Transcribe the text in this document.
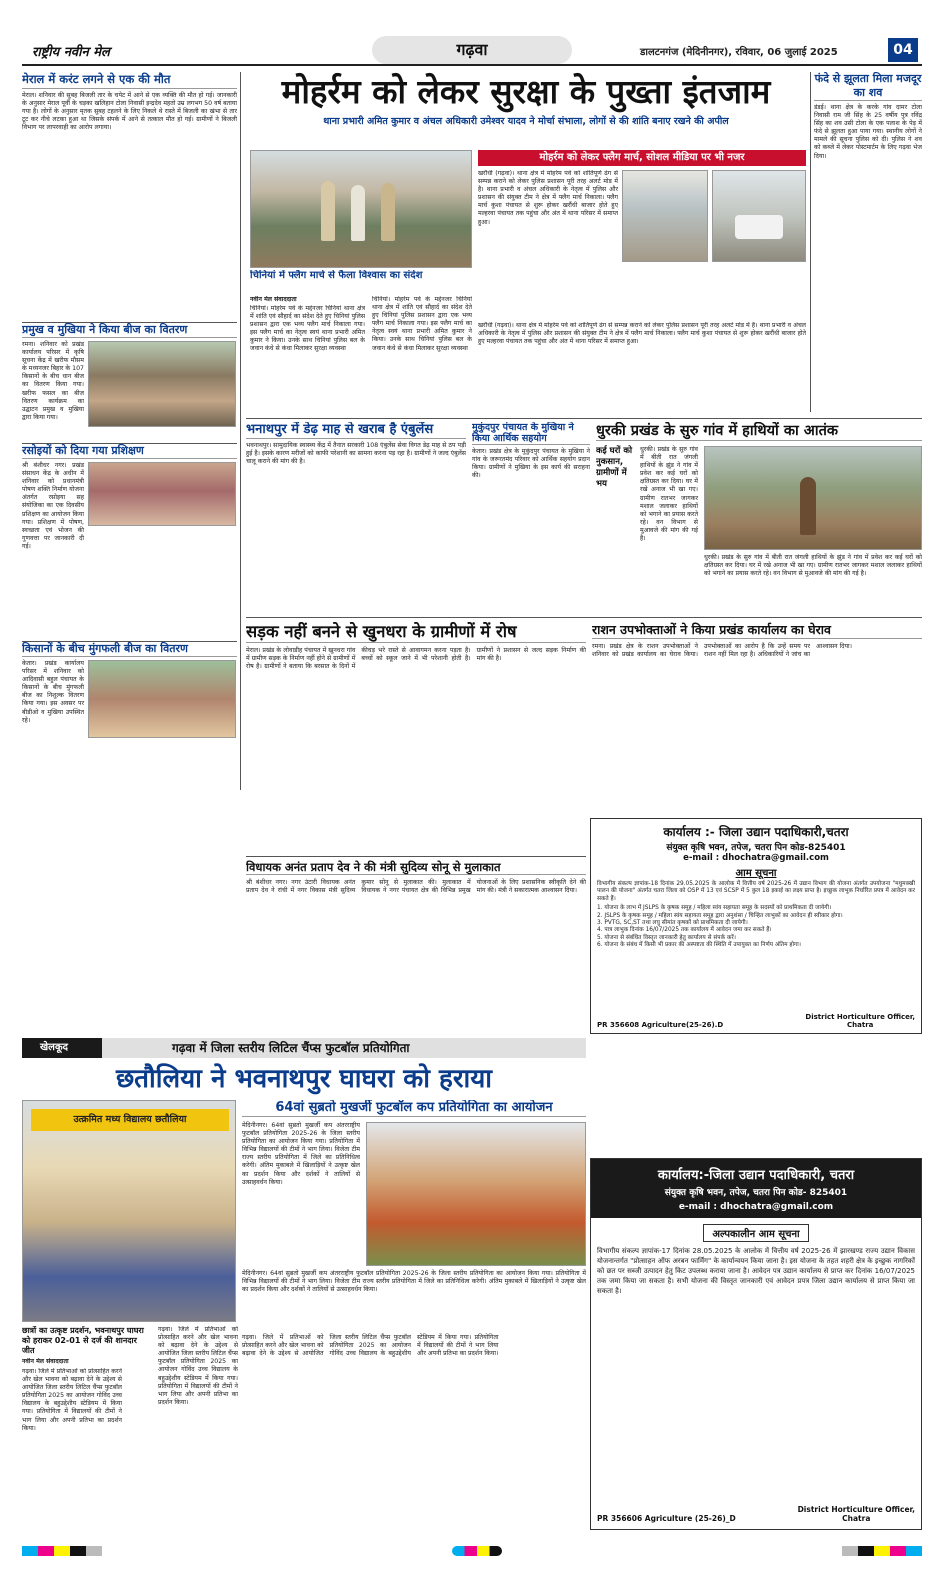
राष्ट्रीय नवीन मेल	गढ़वा	डालटनगंज (मेदिनीनगर), रविवार, 06 जुलाई 2025	04
मेराल में करंट लगने से एक की मौत
मेराल। शनिवार की सुबह बिजली तार के चपेट में आने से एक व्यक्ति की मौत हो गई। जानकारी के अनुसार मेराल पूर्वी के चड़का खलिहान टोला निवासी इन्द्रदेव महतो उम्र लगभग 50 वर्ष बताया गया है। लोगों के अनुसार मृतक सुबह टहलने के लिए निकले थे रास्ते में बिजली का खंभा से तार टूट कर नीचे लटका हुआ था जिसके संपर्क में आने से तत्काल मौत हो गई। ग्रामीणों ने बिजली विभाग पर लापरवाही का आरोप लगाया।
प्रमुख व मुखिया ने किया बीज का वितरण
रमना। शनिवार को प्रखंड कार्यालय परिसर में कृषि सूचना केंद्र में खरीफ मौसम के मध्यनजर बिहार के 107 किसानों के बीच धान बीज का वितरण किया गया। खरीफ फसल का बीज वितरण कार्यक्रम का उद्घाटन प्रमुख व मुखिया द्वारा किया गया।
रसोइयों को दिया गया प्रशिक्षण
श्री बंशीधर नगर। प्रखंड संसाधन केंद्र के अधीन में शनिवार को प्रधानमंत्री पोषण शक्ति निर्माण योजना अंतर्गत रसोइया सह संयोजिका का एक दिवसीय प्रशिक्षण का आयोजन किया गया। प्रशिक्षण में पोषण, स्वच्छता एवं भोजन की गुणवत्ता पर जानकारी दी गई।
किसानों के बीच मुंगफली बीज का वितरण
केतार। प्रखंड कार्यालय परिसर में शनिवार को आदिवासी बहुल पंचायत के किसानों के बीच मुंगफली बीज का निशुल्क वितरण किया गया। इस अवसर पर बीडीओ व मुखिया उपस्थित रहे।
मोहर्रम को लेकर सुरक्षा के पुख्ता इंतजाम
थाना प्रभारी अमित कुमार व अंचल अधिकारी उमेश्वर यादव ने मोर्चा संभाला, लोगों से की शांति बनाए रखने की अपील
चिनियां में फ्लैग मार्च से फैला विश्वास का संदेश
नवीन मेल संवाददाता
चिनियां। मोहर्रम पर्व के मद्देनजर चिनियां थाना क्षेत्र में शांति एवं सौहार्द का संदेश देते हुए चिनियां पुलिस प्रशासन द्वारा एक भव्य फ्लैग मार्च निकाला गया। इस फ्लैग मार्च का नेतृत्व स्वयं थाना प्रभारी अमित कुमार ने किया। उनके साथ चिनियां पुलिस बल के जवान कंधे से कंधा मिलाकर सुरक्षा व्यवस्था
चिनियां। मोहर्रम पर्व के मद्देनजर चिनियां थाना क्षेत्र में शांति एवं सौहार्द का संदेश देते हुए चिनियां पुलिस प्रशासन द्वारा एक भव्य फ्लैग मार्च निकाला गया। इस फ्लैग मार्च का नेतृत्व स्वयं थाना प्रभारी अमित कुमार ने किया। उनके साथ चिनियां पुलिस बल के जवान कंधे से कंधा मिलाकर सुरक्षा व्यवस्था
मोहर्रम को लेकर फ्लैग मार्च, सोशल मीडिया पर भी नजर
खरौंधी (गढ़वा)। थाना क्षेत्र में मोहर्रम पर्व को शांतिपूर्ण ढंग से सम्पन्न कराने को लेकर पुलिस प्रशासन पूरी तरह अलर्ट मोड में है। थाना प्रभारी व अंचल अधिकारी के नेतृत्व में पुलिस और प्रशासन की संयुक्त टीम ने क्षेत्र में फ्लैग मार्च निकाला। फ्लैग मार्च कुशा पंचायत से शुरू होकर खरौंधी बाजार होते हुए मल्हरवा पंचायत तक पहुंचा और अंत में थाना परिसर में समाप्त हुआ।
खरौंधी (गढ़वा)। थाना क्षेत्र में मोहर्रम पर्व को शांतिपूर्ण ढंग से सम्पन्न कराने को लेकर पुलिस प्रशासन पूरी तरह अलर्ट मोड में है। थाना प्रभारी व अंचल अधिकारी के नेतृत्व में पुलिस और प्रशासन की संयुक्त टीम ने क्षेत्र में फ्लैग मार्च निकाला। फ्लैग मार्च कुशा पंचायत से शुरू होकर खरौंधी बाजार होते हुए मल्हरवा पंचायत तक पहुंचा और अंत में थाना परिसर में समाप्त हुआ।
फंदे से झूलता मिला मजदूर का शव
डंडई। थाना क्षेत्र के करके गांव दामर टोला निवासी राम जी सिंह के 25 वर्षीय पुत्र रविंद्र सिंह का शव उसी टोला के एक पलाश के पेड़ में फंदे से झूलता हुआ पाया गया। स्थानीय लोगों ने मामले की सूचना पुलिस को दी। पुलिस ने शव को कब्जे में लेकर पोस्टमार्टम के लिए गढ़वा भेज दिया।
भनाथपुर में डेढ़ माह से खराब है एंबुलेंस
भवनाथपुर। सामुदायिक स्वास्थ्य केंद्र में तैनात सरकारी 108 एंबुलेंस सेवा विगत डेढ़ माह से ठप पड़ी हुई है। इसके कारण मरीजों को काफी परेशानी का सामना करना पड़ रहा है। ग्रामीणों ने जल्द एंबुलेंस चालू कराने की मांग की है।
मुकुंदपुर पंचायत के मुखिया ने किया आर्थिक सहयोग
केतार। प्रखंड क्षेत्र के मुकुंदपुर पंचायत के मुखिया ने गांव के जरूरतमंद परिवार को आर्थिक सहयोग प्रदान किया। ग्रामीणों ने मुखिया के इस कार्य की सराहना की।
धुरकी प्रखंड के सुरु गांव में हाथियों का आतंक
कई घरों को नुकसान, ग्रामीणों में भय
धुरकी। प्रखंड के सुरु गांव में बीती रात जंगली हाथियों के झुंड ने गांव में प्रवेश कर कई घरों को क्षतिग्रस्त कर दिया। घर में रखे अनाज भी खा गए। ग्रामीण रातभर जागकर मशाल जलाकर हाथियों को भगाने का प्रयास करते रहे। वन विभाग से मुआवजे की मांग की गई है।
धुरकी। प्रखंड के सुरु गांव में बीती रात जंगली हाथियों के झुंड ने गांव में प्रवेश कर कई घरों को क्षतिग्रस्त कर दिया। घर में रखे अनाज भी खा गए। ग्रामीण रातभर जागकर मशाल जलाकर हाथियों को भगाने का प्रयास करते रहे। वन विभाग से मुआवजे की मांग की गई है।
सड़क नहीं बनने से खुनधरा के ग्रामीणों में रोष
मेराल। प्रखंड के लोवाडीह पंचायत में खुनधरा गांव में ग्रामीण सड़क के निर्माण नहीं होने से ग्रामीणों में रोष है। ग्रामीणों ने बताया कि बरसात के दिनों में कीचड़ भरे रास्ते से आवागमन करना पड़ता है। बच्चों को स्कूल जाने में भी परेशानी होती है। ग्रामीणों ने प्रशासन से जल्द सड़क निर्माण की मांग की है।
राशन उपभोक्ताओं ने किया प्रखंड कार्यालय का घेराव
रमना। प्रखंड क्षेत्र के राशन उपभोक्ताओं ने शनिवार को प्रखंड कार्यालय का घेराव किया। उपभोक्ताओं का आरोप है कि उन्हें समय पर राशन नहीं मिल रहा है। अधिकारियों ने जांच का आश्वासन दिया।
विधायक अनंत प्रताप देव ने की मंत्री सुदिव्य सोनू से मुलाकात
श्री बंशीधर नगर। नगर उंटारी विधायक अनंत प्रताप देव ने रांची में नगर विकास मंत्री सुदिव्य कुमार सोनू से मुलाकात की। मुलाकात में विधायक ने नगर पंचायत क्षेत्र की विभिन्न प्रमुख योजनाओं के लिए प्रशासनिक स्वीकृति देने की मांग की। मंत्री ने सकारात्मक आश्वासन दिया।
कार्यालय :- जिला उद्यान पदाधिकारी,चतरा
संयुक्त कृषि भवन, तपेज, चतरा पिन कोड-825401
e-mail : dhochatra@gmail.com
आम सूचना
विभागीय संकल्प ज्ञापांक-18 दिनांक 29.05.2025 के आलोक में वित्तीय वर्ष 2025-26 में उद्यान विभाग की योजना अंतर्गत उपयोजना "मधुमक्खी पालन की योजना" अंतर्गत चतरा जिला को OSP में 13 एवं SCSP में 5 कुल 18 इकाई का लक्ष्य प्राप्त है। इच्छुक लाभुक निर्धारित प्रपत्र में आवेदन कर सकते हैं।
1. योजना के लाभ में JSLPS के कृषक समूह / महिला स्वंय सहायता समूह के सदस्यों को प्राथमिकता दी जायेगी।
2. JSLPS के कृषक समूह / महिला स्वंय सहायता समूह द्वारा अनुशंसा / चिन्हित लाभुकों का आवेदन ही स्वीकार होगा।
3. PVTG, SC,ST तथा लघु सीमांत कृषकों को प्राथमिकता दी जायेगी।
4. पात्र लाभुक दिनांक 16/07/2025 तक कार्यालय में आवेदन जमा कर सकते हैं।
5. योजना से संबंधित विस्तृत जानकारी हेतु कार्यालय से संपर्क करें।
6. योजना के संबंध में किसी भी प्रकार की अस्पष्टता की स्थिति में उपायुक्त का निर्णय अंतिम होगा।
PR 356608 Agriculture(25-26).D
District Horticulture Officer,
Chatra
खेलकूद	गढ़वा में जिला स्तरीय लिटिल चैंप्स फुटबॉल प्रतियोगिता
छतौलिया ने भवनाथपुर घाघरा को हराया
उत्क्रमित मध्य विद्यालय छतौलिया
छात्रों का उत्कृष्ट प्रदर्शन, भवनाथपुर घाघरा को हराकर 02-01 से दर्ज की शानदार जीत
नवीन मेल संवाददाता
गढ़वा। जिले में प्रतिभाओं को प्रोत्साहित करने और खेल भावना को बढ़ावा देने के उद्देश्य से आयोजित जिला स्तरीय लिटिल चैंप्स फुटबॉल प्रतियोगिता 2025 का आयोजन गोविंद उच्च विद्यालय के बहुउद्देशीय स्टेडियम में किया गया। प्रतियोगिता में विद्यालयों की टीमों ने भाग लिया और अपनी प्रतिभा का प्रदर्शन किया।
गढ़वा। जिले में प्रतिभाओं को प्रोत्साहित करने और खेल भावना को बढ़ावा देने के उद्देश्य से आयोजित जिला स्तरीय लिटिल चैंप्स फुटबॉल प्रतियोगिता 2025 का आयोजन गोविंद उच्च विद्यालय के बहुउद्देशीय स्टेडियम में किया गया। प्रतियोगिता में विद्यालयों की टीमों ने भाग लिया और अपनी प्रतिभा का प्रदर्शन किया।
64वां सुब्रतो मुखर्जी फुटबॉल कप प्रतियोगिता का आयोजन
मेदिनीनगर। 64वां सुब्रतो मुखर्जी कप अंतरराष्ट्रीय फुटबॉल प्रतियोगिता 2025-26 के जिला स्तरीय प्रतियोगिता का आयोजन किया गया। प्रतियोगिता में विभिन्न विद्यालयों की टीमों ने भाग लिया। विजेता टीम राज्य स्तरीय प्रतियोगिता में जिले का प्रतिनिधित्व करेगी। अंतिम मुकाबले में खिलाड़ियों ने उत्कृष्ट खेल का प्रदर्शन किया और दर्शकों ने तालियों से उत्साहवर्धन किया।
मेदिनीनगर। 64वां सुब्रतो मुखर्जी कप अंतरराष्ट्रीय फुटबॉल प्रतियोगिता 2025-26 के जिला स्तरीय प्रतियोगिता का आयोजन किया गया। प्रतियोगिता में विभिन्न विद्यालयों की टीमों ने भाग लिया। विजेता टीम राज्य स्तरीय प्रतियोगिता में जिले का प्रतिनिधित्व करेगी। अंतिम मुकाबले में खिलाड़ियों ने उत्कृष्ट खेल का प्रदर्शन किया और दर्शकों ने तालियों से उत्साहवर्धन किया।
गढ़वा। जिले में प्रतिभाओं को प्रोत्साहित करने और खेल भावना को बढ़ावा देने के उद्देश्य से आयोजित जिला स्तरीय लिटिल चैंप्स फुटबॉल प्रतियोगिता 2025 का आयोजन गोविंद उच्च विद्यालय के बहुउद्देशीय स्टेडियम में किया गया। प्रतियोगिता में विद्यालयों की टीमों ने भाग लिया और अपनी प्रतिभा का प्रदर्शन किया।
कार्यालय:-जिला उद्यान पदाधिकारी, चतरा
संयुक्त कृषि भवन, तपेज, चतरा पिन कोड- 825401
e-mail : dhochatra@gmail.com
अल्पकालीन आम सूचना
विभागीय संकल्प ज्ञापांक-17 दिनांक 28.05.2025 के आलोक में वित्तीय वर्ष 2025-26 में झारखण्ड राज्य उद्यान विकास योजनान्तर्गत "प्रोत्साहन ऑफ अरबन फार्मिंग" के कार्यान्वयन किया जाना है। इस योजना के तहत शहरी क्षेत्र के इच्छुक नागरिकों को छत पर सब्जी उत्पादन हेतु किट उपलब्ध कराया जाना है। आवेदन पत्र उद्यान कार्यालय से प्राप्त कर दिनांक 16/07/2025 तक जमा किया जा सकता है। सभी योजना की विस्तृत जानकारी एवं आवेदन प्रपत्र जिला उद्यान कार्यालय से प्राप्त किया जा सकता है।
PR 356606 Agriculture (25-26)_D
District Horticulture Officer,
Chatra
